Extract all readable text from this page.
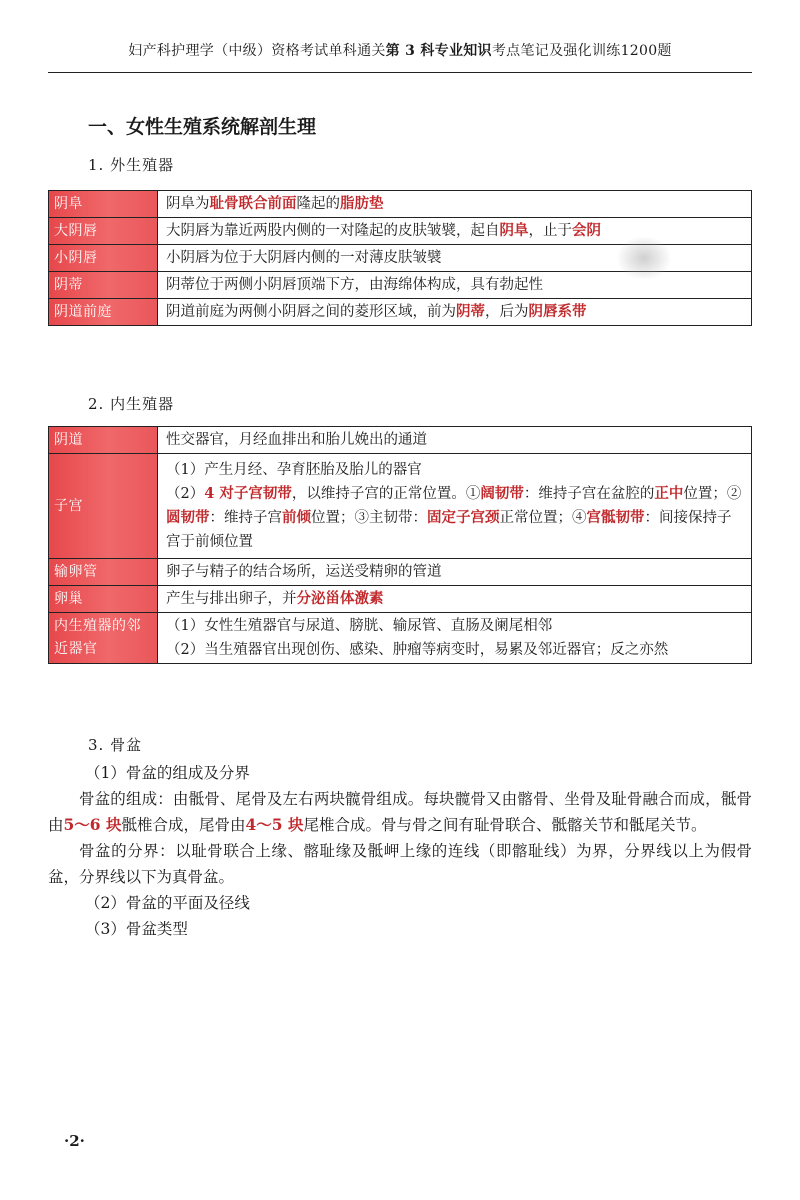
妇产科护理学（中级）资格考试单科通关第 3 科专业知识考点笔记及强化训练1200题
一、女性生殖系统解剖生理
1. 外生殖器
阴阜	阴阜为耻骨联合前面隆起的脂肪垫
大阴唇	大阴唇为靠近两股内侧的一对隆起的皮肤皱襞，起自阴阜，止于会阴
小阴唇	小阴唇为位于大阴唇内侧的一对薄皮肤皱襞
阴蒂	阴蒂位于两侧小阴唇顶端下方，由海绵体构成，具有勃起性
阴道前庭	阴道前庭为两侧小阴唇之间的菱形区域，前为阴蒂，后为阴唇系带
2. 内生殖器
阴道	性交器官，月经血排出和胎儿娩出的通道
子宫	（1）产生月经、孕育胚胎及胎儿的器官
（2）4 对子宫韧带，以维持子宫的正常位置。①阔韧带：维持子宫在盆腔的正中位置；②圆韧带：维持子宫前倾位置；③主韧带：固定子宫颈正常位置；④宫骶韧带：间接保持子宫于前倾位置

输卵管	卵子与精子的结合场所，运送受精卵的管道
卵巢	产生与排出卵子，并分泌甾体激素
内生殖器的邻近器官	（1）女性生殖器官与尿道、膀胱、输尿管、直肠及阑尾相邻
（2）当生殖器官出现创伤、感染、肿瘤等病变时，易累及邻近器官；反之亦然
3. 骨盆
（1）骨盆的组成及分界
骨盆的组成：由骶骨、尾骨及左右两块髋骨组成。每块髋骨又由髂骨、坐骨及耻骨融合而成，骶骨由5～6 块骶椎合成，尾骨由4～5 块尾椎合成。骨与骨之间有耻骨联合、骶髂关节和骶尾关节。
骨盆的分界：以耻骨联合上缘、髂耻缘及骶岬上缘的连线（即髂耻线）为界，分界线以上为假骨盆，分界线以下为真骨盆。
（2）骨盆的平面及径线
（3）骨盆类型
·2·
